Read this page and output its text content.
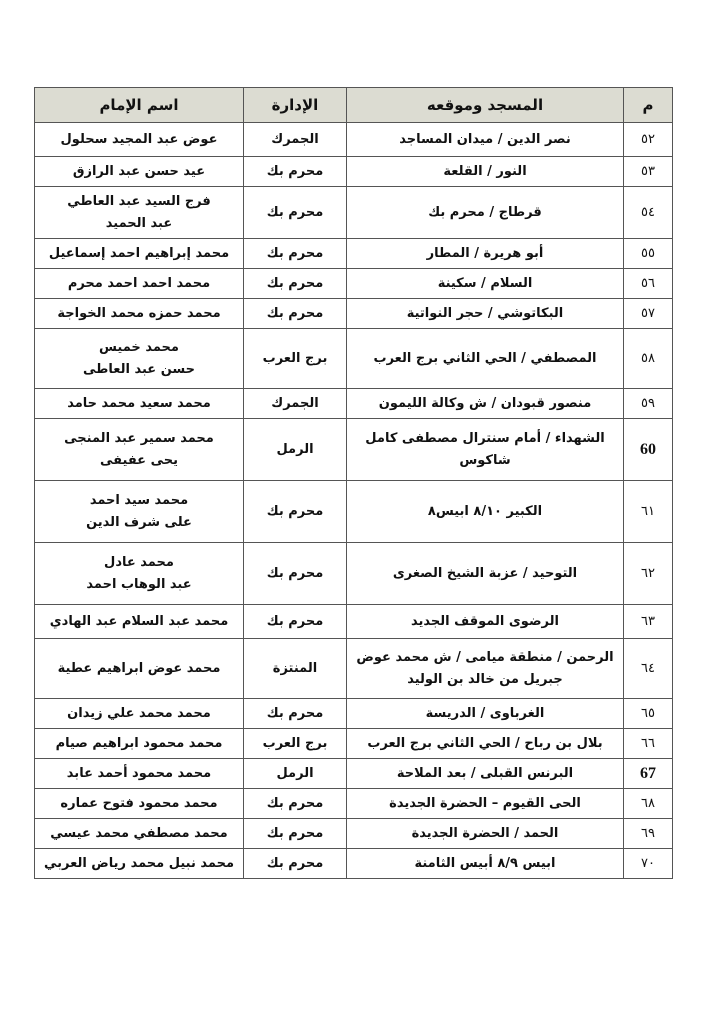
م	المسجد وموقعه	الإدارة	اسم الإمام
٥٢	نصر الدين / ميدان المساجد	الجمرك	عوض عبد المجيد سحلول

٥٣	النور / القلعة	محرم بك	عيد حسن عبد الرازق

٥٤	قرطاج / محرم بك	محرم بك	فرج السيد عبد العاطي
عبد الحميد

٥٥	أبو هريرة / المطار	محرم بك	محمد إبراهيم احمد إسماعيل

٥٦	السلام / سكينة	محرم بك	محمد احمد احمد محرم

٥٧	البكاتوشي / حجر النواتية	محرم بك	محمد حمزه محمد الخواجة

٥٨	المصطفي / الحي الثاني برج العرب	برج العرب	محمد خميس
حسن عبد العاطى

٥٩	منصور قبودان / ش وكالة الليمون	الجمرك	محمد سعيد محمد حامد

60	الشهداء / أمام سنترال مصطفى كامل
شاكوس	الرمل	محمد سمير عبد المنجى
يحى عفيفى

٦١	الكبير ٨/١٠ ابيس٨	محرم بك	محمد سيد احمد
على شرف الدين

٦٢	التوحيد / عزبة الشيخ الصغرى	محرم بك	محمد عادل
عبد الوهاب احمد

٦٣	الرضوى الموقف الجديد	محرم بك	محمد عبد السلام عبد الهادي

٦٤	الرحمن / منطقة ميامى / ش محمد عوض
جبريل من خالد بن الوليد	المنتزة	محمد عوض ابراهيم عطية

٦٥	الغرباوى / الدريسة	محرم بك	محمد محمد علي زيدان

٦٦	بلال بن رباح / الحي الثاني برج العرب	برج العرب	محمد محمود ابراهيم صيام

67	البرنس القبلى / بعد الملاحة	الرمل	محمد محمود أحمد عابد

٦٨	الحى القيوم – الحضرة الجديدة	محرم بك	محمد محمود فتوح عماره

٦٩	الحمد / الحضرة الجديدة	محرم بك	محمد مصطفي محمد عيسي

٧٠	ابيس ٨/٩ أبيس الثامنة	محرم بك	محمد نبيل محمد رياض العربي
